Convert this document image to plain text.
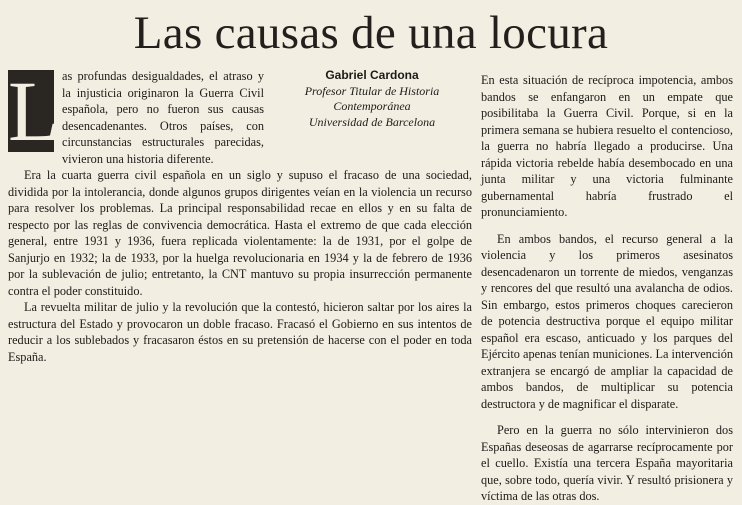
Las causas de una locura
L	Gabriel Cardona
Profesor Titular de Historia Contemporánea
Universidad de Barcelona

as profundas desigualdades, el atraso y la injusticia originaron la Guerra Civil española, pero no fueron sus causas desencadenantes. Otros países, con circunstancias estructurales parecidas, vivieron una historia diferente.

Era la cuarta guerra civil española en un siglo y supuso el fracaso de una sociedad, dividida por la intolerancia, donde algunos grupos dirigentes veían en la violencia un recurso para resolver los problemas. La principal responsabilidad recae en ellos y en su falta de respecto por las reglas de convivencia democrática. Hasta el extremo de que cada elección general, entre 1931 y 1936, fuera replicada violentamente: la de 1931, por el golpe de Sanjurjo en 1932; la de 1933, por la huelga revolucionaria en 1934 y la de febrero de 1936 por la sublevación de julio; entretanto, la CNT mantuvo su propia insurrección permanente contra el poder constituido.

La revuelta militar de julio y la revolución que la contestó, hicieron saltar por los aires la estructura del Estado y provocaron un doble fracaso. Fracasó el Gobierno en sus intentos de reducir a los sublebados y fracasaron éstos en su pretensión de hacerse con el poder en toda España.

En esta situación de recíproca impotencia, ambos bandos se enfangaron en un empate que posibilitaba la Guerra Civil. Porque, si en la primera semana se hubiera resuelto el contencioso, la guerra no habría llegado a producirse. Una rápida victoria rebelde había desembocado en una junta militar y una victoria fulminante gubernamental habría frustrado el pronunciamiento.

En ambos bandos, el recurso general a la violencia y los primeros asesinatos desencadenaron un torrente de miedos, venganzas y rencores del que resultó una avalancha de odios. Sin embargo, estos primeros choques carecieron de potencia destructiva porque el equipo militar español era escaso, anticuado y los parques del Ejército apenas tenían municiones. La intervención extranjera se encargó de ampliar la capacidad de ambos bandos, de multiplicar su potencia destructora y de magnificar el disparate.

Pero en la guerra no sólo intervinieron dos Españas deseosas de agarrarse recíprocamente por el cuello. Existía una tercera España mayoritaria que, sobre todo, quería vivir. Y resultó prisionera y víctima de las otras dos.
